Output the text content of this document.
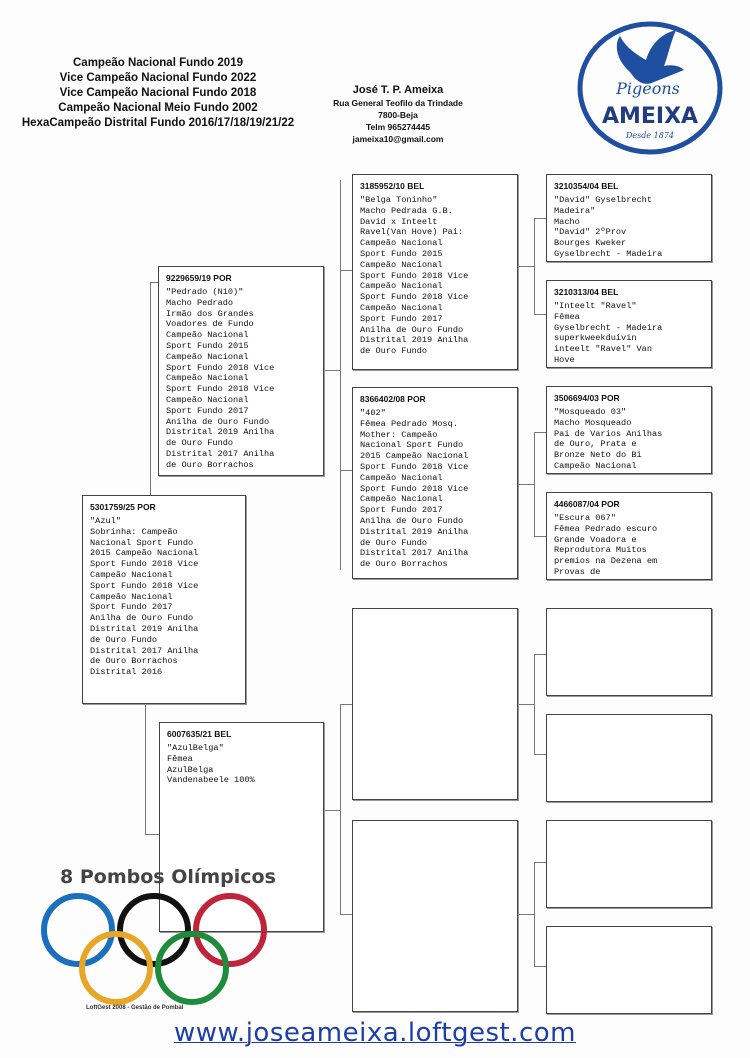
Campeão Nacional Fundo 2019
Vice Campeão Nacional Fundo 2022
Vice Campeão Nacional Fundo 2018
Campeão Nacional Meio Fundo 2002
HexaCampeão Distrital Fundo 2016/17/18/19/21/22
José T. P. Ameixa
Rua General Teofilo da Trindade
7800-Beja
Telm 965274445
jameixa10@gmail.com
Pigeons
AMEIXA
Desde 1874
5301759/25 POR
"Azul"
Sobrinha: Campeão
Nacional Sport Fundo
2015 Campeão Nacional
Sport Fundo 2018 Vice
Campeão Nacional
Sport Fundo 2018 Vice
Campeão Nacional
Sport Fundo 2017
Anilha de Ouro Fundo
Distrital 2019 Anilha
de Ouro Fundo
Distrital 2017 Anilha
de Ouro Borrachos
Distrital 2016
9229659/19 POR
"Pedrado (N10)"
Macho Pedrado
Irmão dos Grandes
Voadores de Fundo
Campeão Nacional
Sport Fundo 2015
Campeão Nacional
Sport Fundo 2018 Vice
Campeão Nacional
Sport Fundo 2018 Vice
Campeão Nacional
Sport Fundo 2017
Anilha de Ouro Fundo
Distrital 2019 Anilha
de Ouro Fundo
Distrital 2017 Anilha
de Ouro Borrachos
6007635/21 BEL
"AzulBelga"
Fêmea
AzulBelga
Vandenabeele 100%
3185952/10 BEL
"Belga Toninho"
Macho Pedrada G.B.
David x Inteelt
Ravel(Van Hove) Pai:
Campeão Nacional
Sport Fundo 2015
Campeão Nacional
Sport Fundo 2018 Vice
Campeão Nacional
Sport Fundo 2018 Vice
Campeão Nacional
Sport Fundo 2017
Anilha de Ouro Fundo
Distrital 2019 Anilha
de Ouro Fundo
8366402/08 POR
"402"
Fêmea Pedrado Mosq.
Mother: Campeão
Nacional Sport Fundo
2015 Campeão Nacional
Sport Fundo 2018 Vice
Campeão Nacional
Sport Fundo 2018 Vice
Campeão Nacional
Sport Fundo 2017
Anilha de Ouro Fundo
Distrital 2019 Anilha
de Ouro Fundo
Distrital 2017 Anilha
de Ouro Borrachos
3210354/04 BEL
"David" Gyselbrecht
Madeira"
Macho
"David" 2ºProv
Bourges Kweker
Gyselbrecht - Madeira
3210313/04 BEL
"Inteelt "Ravel"
Fêmea
Gyselbrecht - Madeira
superkweekduivin
inteelt "Ravel" Van
Hove
3506694/03 POR
"Mosqueado 03"
Macho Mosqueado
Pai de Varios Anilhas
de Ouro, Prata e
Bronze Neto do Bi
Campeão Nacional
4466087/04 POR
"Escura 067"
Fêmea Pedrado escuro
Grande Voadora e
Reprodutora Muitos
premios na Dezena em
Provas de
8 Pombos Olímpicos
LoftGest 2008 - Gestão de Pombal
www.joseameixa.loftgest.com
